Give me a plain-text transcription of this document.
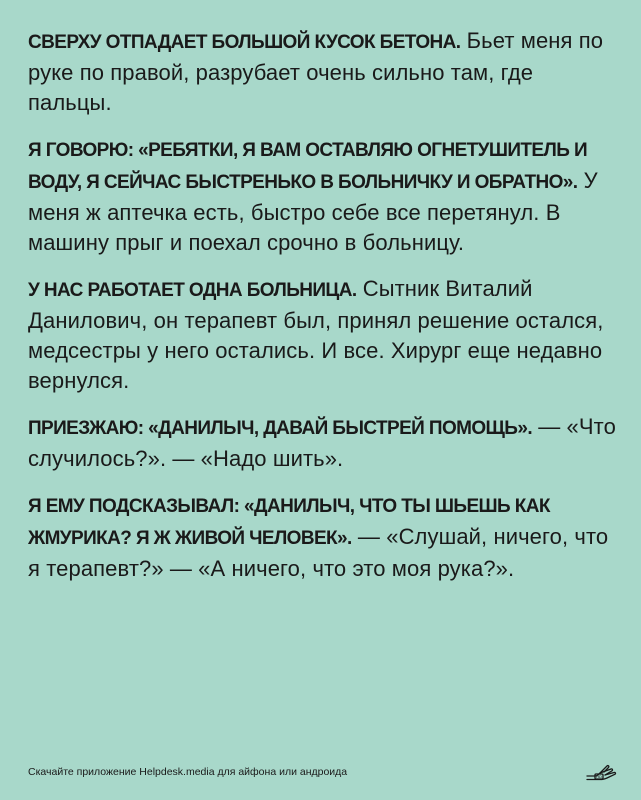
СВЕРХУ ОТПАДАЕТ БОЛЬШОЙ КУСОК БЕТОНА. Бьет меня по руке по правой, разрубает очень сильно там, где пальцы.

Я ГОВОРЮ: «РЕБЯТКИ, Я ВАМ ОСТАВЛЯЮ ОГНЕТУШИТЕЛЬ И ВОДУ, Я СЕЙЧАС БЫСТРЕНЬКО В БОЛЬНИЧКУ И ОБРАТНО». У меня ж аптечка есть, быстро себе все перетянул. В машину прыг и поехал срочно в больницу.

У НАС РАБОТАЕТ ОДНА БОЛЬНИЦА. Сытник Виталий Данилович, он терапевт был, принял решение остался, медсестры у него остались. И все. Хирург еще недавно вернулся.

ПРИЕЗЖАЮ: «ДАНИЛЫЧ, ДАВАЙ БЫСТРЕЙ ПОМОЩЬ». — «Что случилось?». — «Надо шить».

Я ЕМУ ПОДСКАЗЫВАЛ: «ДАНИЛЫЧ, ЧТО ТЫ ШЬЕШЬ КАК ЖМУРИКА? Я Ж ЖИВОЙ ЧЕЛОВЕК». — «Слушай, ничего, что я терапевт?» — «А ничего, что это моя рука?».

Скачайте приложение Helpdesk.media для айфона или андроида	HD
